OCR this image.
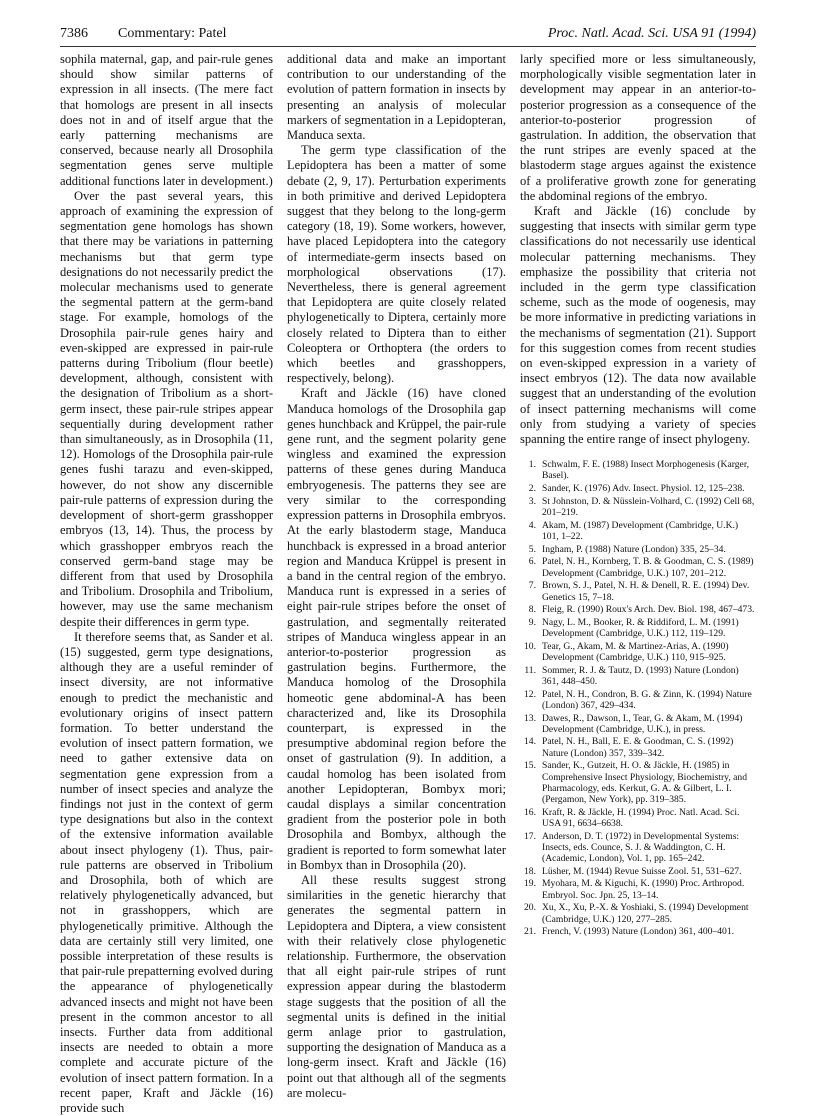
7386 Commentary: Patel	Proc. Natl. Acad. Sci. USA 91 (1994)

sophila maternal, gap, and pair-rule genes should show similar patterns of expression in all insects. (The mere fact that homologs are present in all insects does not in and of itself argue that the early patterning mechanisms are conserved, because nearly all Drosophila segmentation genes serve multiple additional functions later in development.)

Over the past several years, this approach of examining the expression of segmentation gene homologs has shown that there may be variations in patterning mechanisms but that germ type designations do not necessarily predict the molecular mechanisms used to generate the segmental pattern at the germ-band stage. For example, homologs of the Drosophila pair-rule genes hairy and even-skipped are expressed in pair-rule patterns during Tribolium (flour beetle) development, although, consistent with the designation of Tribolium as a short-germ insect, these pair-rule stripes appear sequentially during development rather than simultaneously, as in Drosophila (11, 12). Homologs of the Drosophila pair-rule genes fushi tarazu and even-skipped, however, do not show any discernible pair-rule patterns of expression during the development of short-germ grasshopper embryos (13, 14). Thus, the process by which grasshopper embryos reach the conserved germ-band stage may be different from that used by Drosophila and Tribolium. Drosophila and Tribolium, however, may use the same mechanism despite their differences in germ type.

It therefore seems that, as Sander et al. (15) suggested, germ type designations, although they are a useful reminder of insect diversity, are not informative enough to predict the mechanistic and evolutionary origins of insect pattern formation. To better understand the evolution of insect pattern formation, we need to gather extensive data on segmentation gene expression from a number of insect species and analyze the findings not just in the context of germ type designations but also in the context of the extensive information available about insect phylogeny (1). Thus, pair-rule patterns are observed in Tribolium and Drosophila, both of which are relatively phylogenetically advanced, but not in grasshoppers, which are phylogenetically primitive. Although the data are certainly still very limited, one possible interpretation of these results is that pair-rule prepatterning evolved during the appearance of phylogenetically advanced insects and might not have been present in the common ancestor to all insects. Further data from additional insects are needed to obtain a more complete and accurate picture of the evolution of insect pattern formation. In a recent paper, Kraft and Jäckle (16) provide such

additional data and make an important contribution to our understanding of the evolution of pattern formation in insects by presenting an analysis of molecular markers of segmentation in a Lepidopteran, Manduca sexta.

The germ type classification of the Lepidoptera has been a matter of some debate (2, 9, 17). Perturbation experiments in both primitive and derived Lepidoptera suggest that they belong to the long-germ category (18, 19). Some workers, however, have placed Lepidoptera into the category of intermediate-germ insects based on morphological observations (17). Nevertheless, there is general agreement that Lepidoptera are quite closely related phylogenetically to Diptera, certainly more closely related to Diptera than to either Coleoptera or Orthoptera (the orders to which beetles and grasshoppers, respectively, belong).

Kraft and Jäckle (16) have cloned Manduca homologs of the Drosophila gap genes hunchback and Krüppel, the pair-rule gene runt, and the segment polarity gene wingless and examined the expression patterns of these genes during Manduca embryogenesis. The patterns they see are very similar to the corresponding expression patterns in Drosophila embryos. At the early blastoderm stage, Manduca hunchback is expressed in a broad anterior region and Manduca Krüppel is present in a band in the central region of the embryo. Manduca runt is expressed in a series of eight pair-rule stripes before the onset of gastrulation, and segmentally reiterated stripes of Manduca wingless appear in an anterior-to-posterior progression as gastrulation begins. Furthermore, the Manduca homolog of the Drosophila homeotic gene abdominal-A has been characterized and, like its Drosophila counterpart, is expressed in the presumptive abdominal region before the onset of gastrulation (9). In addition, a caudal homolog has been isolated from another Lepidopteran, Bombyx mori; caudal displays a similar concentration gradient from the posterior pole in both Drosophila and Bombyx, although the gradient is reported to form somewhat later in Bombyx than in Drosophila (20).

All these results suggest strong similarities in the genetic hierarchy that generates the segmental pattern in Lepidoptera and Diptera, a view consistent with their relatively close phylogenetic relationship. Furthermore, the observation that all eight pair-rule stripes of runt expression appear during the blastoderm stage suggests that the position of all the segmental units is defined in the initial germ anlage prior to gastrulation, supporting the designation of Manduca as a long-germ insect. Kraft and Jäckle (16) point out that although all of the segments are molecu-

larly specified more or less simultaneously, morphologically visible segmentation later in development may appear in an anterior-to-posterior progression as a consequence of the anterior-to-posterior progression of gastrulation. In addition, the observation that the runt stripes are evenly spaced at the blastoderm stage argues against the existence of a proliferative growth zone for generating the abdominal regions of the embryo.

Kraft and Jäckle (16) conclude by suggesting that insects with similar germ type classifications do not necessarily use identical molecular patterning mechanisms. They emphasize the possibility that criteria not included in the germ type classification scheme, such as the mode of oogenesis, may be more informative in predicting variations in the mechanisms of segmentation (21). Support for this suggestion comes from recent studies on even-skipped expression in a variety of insect embryos (12). The data now available suggest that an understanding of the evolution of insect patterning mechanisms will come only from studying a variety of species spanning the entire range of insect phylogeny.

1. Schwalm, F. E. (1988) Insect Morphogenesis (Karger, Basel).
2. Sander, K. (1976) Adv. Insect. Physiol. 12, 125–238.
3. St Johnston, D. & Nüsslein-Volhard, C. (1992) Cell 68, 201–219.
4. Akam, M. (1987) Development (Cambridge, U.K.) 101, 1–22.
5. Ingham, P. (1988) Nature (London) 335, 25–34.
6. Patel, N. H., Kornberg, T. B. & Goodman, C. S. (1989) Development (Cambridge, U.K.) 107, 201–212.
7. Brown, S. J., Patel, N. H. & Denell, R. E. (1994) Dev. Genetics 15, 7–18.
8. Fleig, R. (1990) Roux's Arch. Dev. Biol. 198, 467–473.
9. Nagy, L. M., Booker, R. & Riddiford, L. M. (1991) Development (Cambridge, U.K.) 112, 119–129.
10. Tear, G., Akam, M. & Martinez-Arias, A. (1990) Development (Cambridge, U.K.) 110, 915–925.
11. Sommer, R. J. & Tautz, D. (1993) Nature (London) 361, 448–450.
12. Patel, N. H., Condron, B. G. & Zinn, K. (1994) Nature (London) 367, 429–434.
13. Dawes, R., Dawson, I., Tear, G. & Akam, M. (1994) Development (Cambridge, U.K.), in press.
14. Patel, N. H., Ball, E. E. & Goodman, C. S. (1992) Nature (London) 357, 339–342.
15. Sander, K., Gutzeit, H. O. & Jäckle, H. (1985) in Comprehensive Insect Physiology, Biochemistry, and Pharmacology, eds. Kerkut, G. A. & Gilbert, L. I. (Pergamon, New York), pp. 319–385.
16. Kraft, R. & Jäckle, H. (1994) Proc. Natl. Acad. Sci. USA 91, 6634–6638.
17. Anderson, D. T. (1972) in Developmental Systems: Insects, eds. Counce, S. J. & Waddington, C. H. (Academic, London), Vol. 1, pp. 165–242.
18. Lüsher, M. (1944) Revue Suisse Zool. 51, 531–627.
19. Myohara, M. & Kiguchi, K. (1990) Proc. Arthropod. Embryol. Soc. Jpn. 25, 13–14.
20. Xu, X., Xu, P.-X. & Yoshiaki, S. (1994) Development (Cambridge, U.K.) 120, 277–285.
21. French, V. (1993) Nature (London) 361, 400–401.
